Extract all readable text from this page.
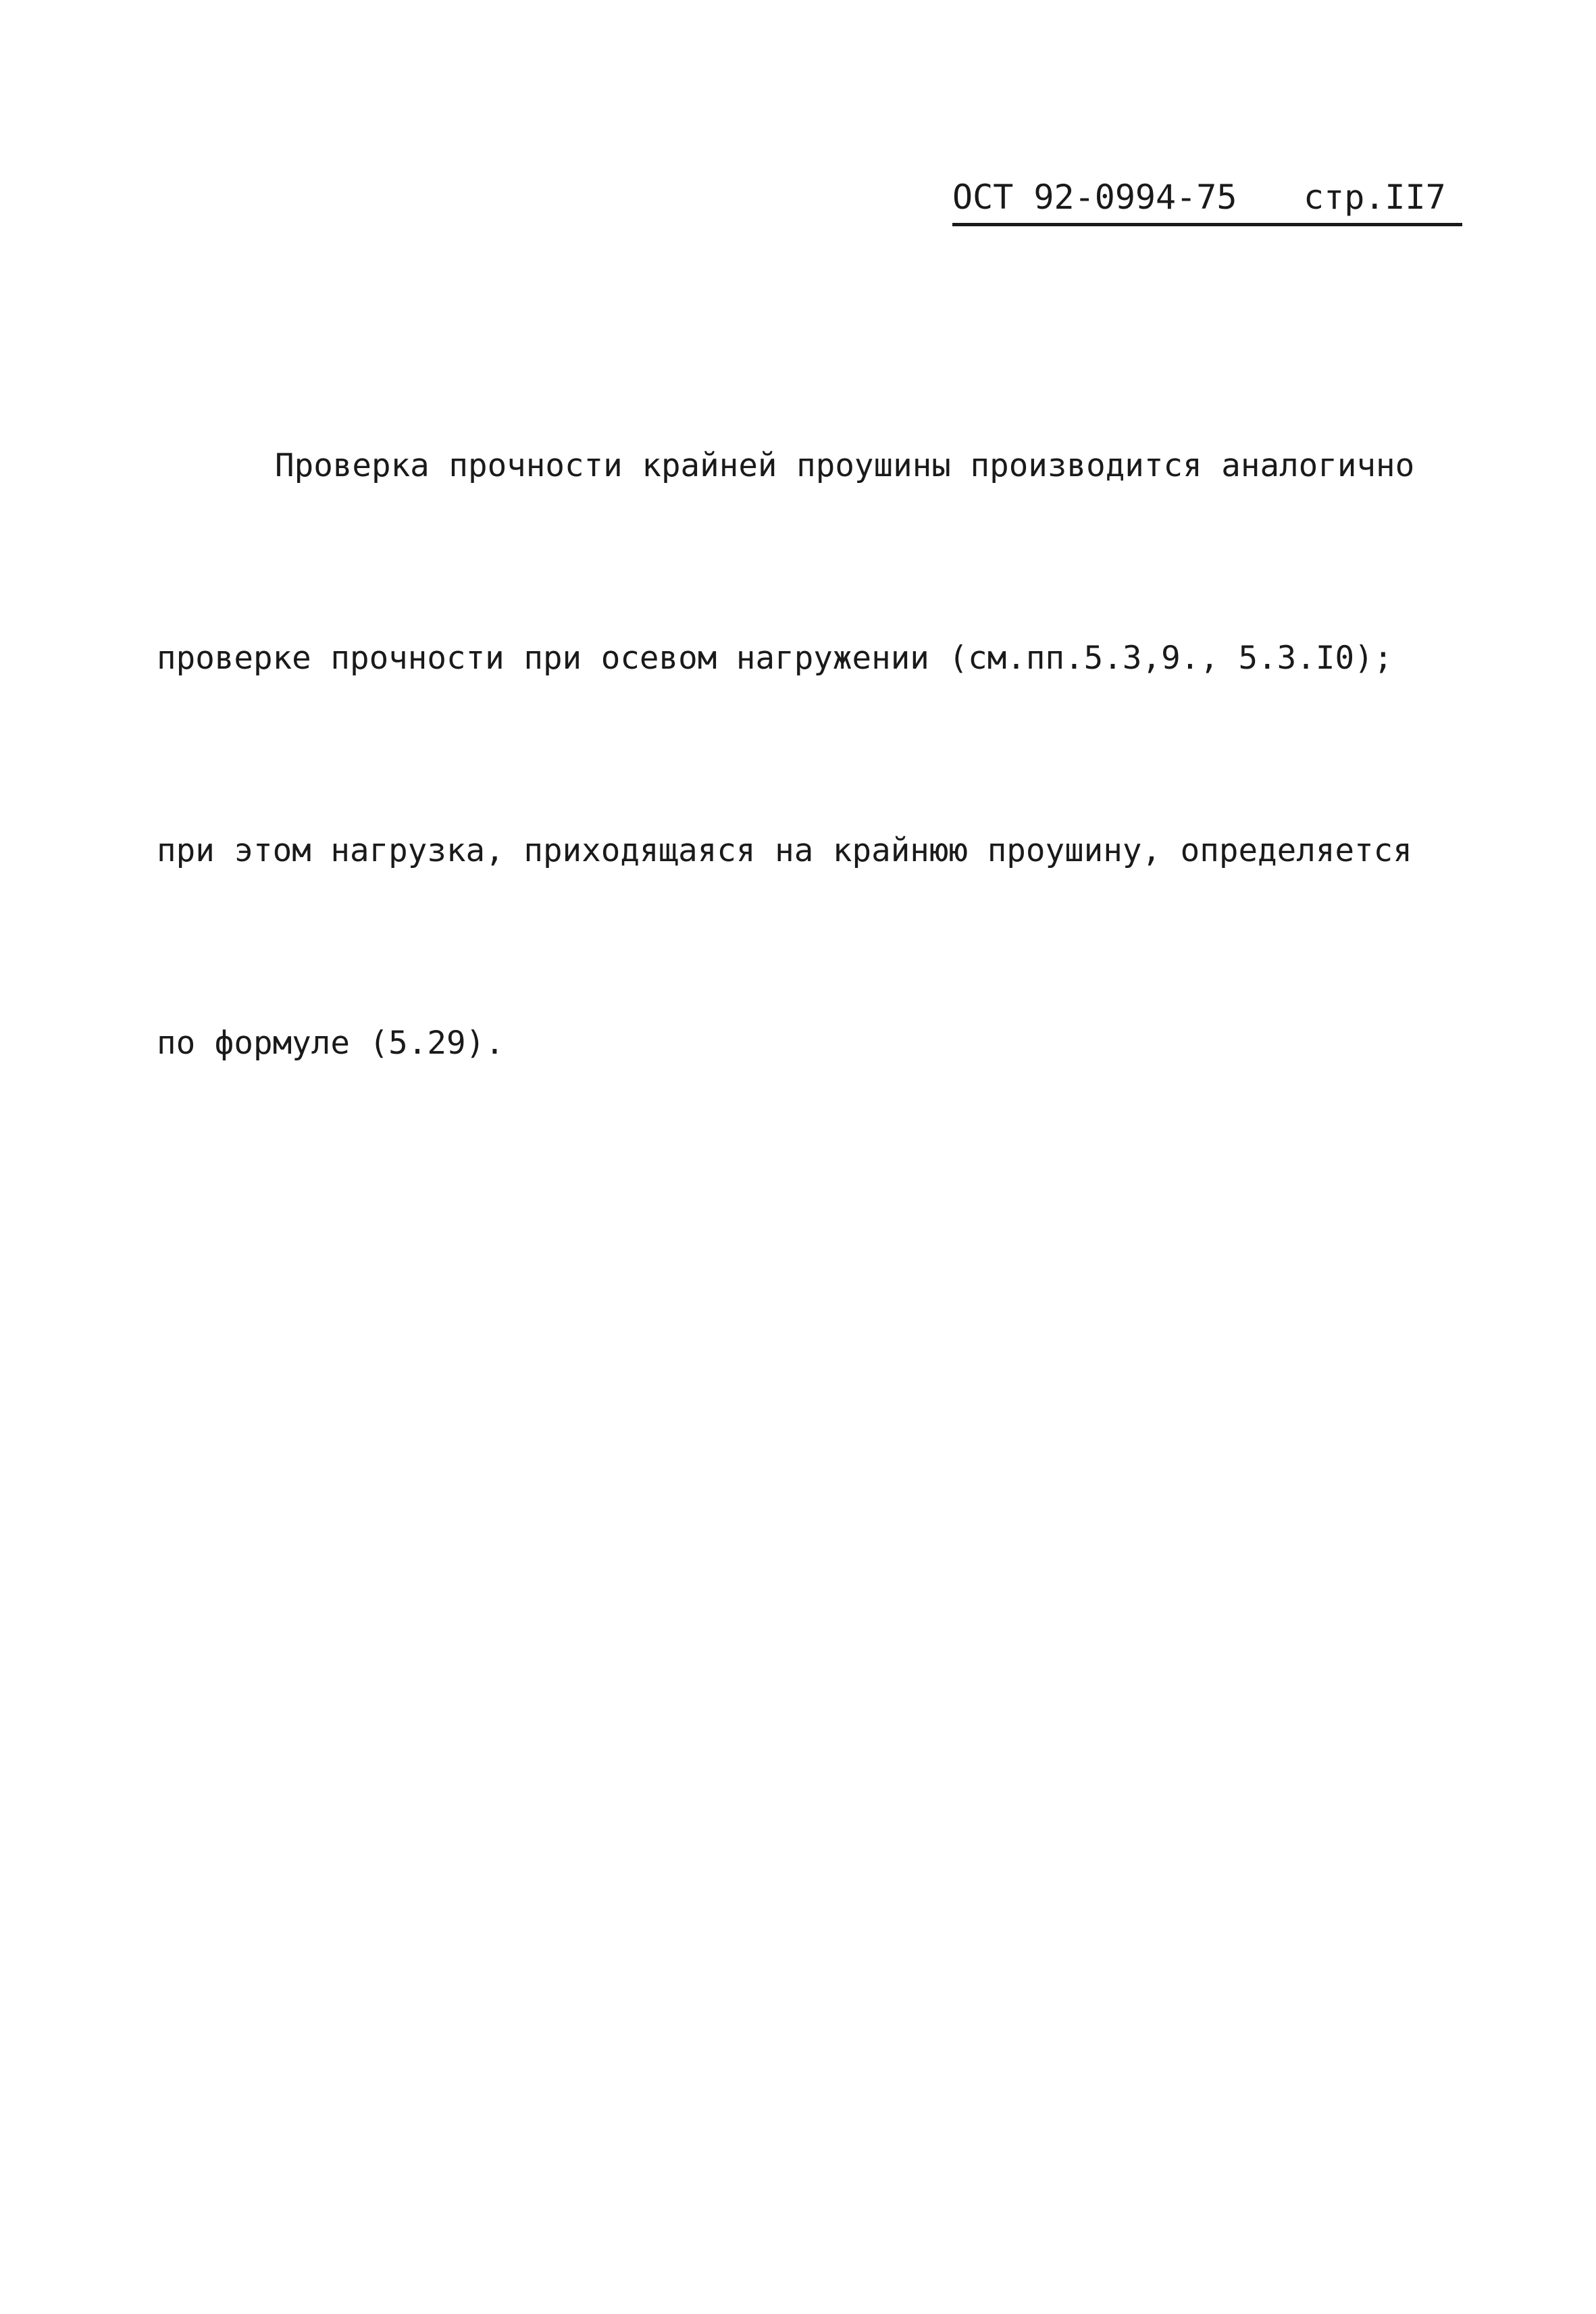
ОСТ 92-0994-75 стр.II7

Проверка прочности крайней проушины производится аналогично

проверке прочности при осевом нагружении (см.пп.5.3,9., 5.3.I0);

при этом нагрузка, приходящаяся на крайнюю проушину, определяется

по формуле (5.29).
